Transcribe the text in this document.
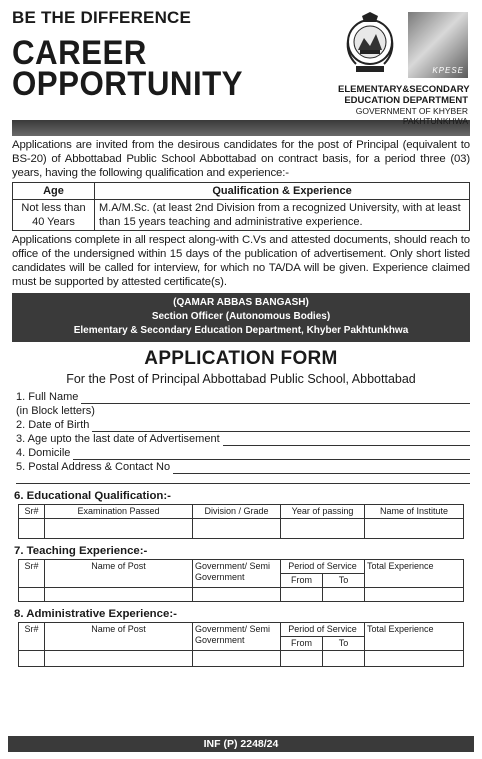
BE THE DIFFERENCE
CAREER
OPPORTUNITY	KPESE
ELEMENTARY&SECONDARY
EDUCATION DEPARTMENT
GOVERNMENT OF KHYBER
PAKHTUNKHWA

Applications are invited from the desirous candidates for the post of Principal (equivalent to BS-20) of Abbottabad Public School Abbottabad on contract basis, for a period three (03) years, having the following qualification and experience:-

Age	Qualification & Experience
Not less than 40 Years	M.A/M.Sc. (at least 2nd Division from a recognized University, with at least than 15 years teaching and administrative experience.

Applications complete in all respect along-with C.Vs and attested documents, should reach to office of the undersigned within 15 days of the publication of advertisement. Only short listed candidates will be called for interview, for which no TA/DA will be given. Experience claimed must be supported by attested certificate(s).

(QAMAR ABBAS BANGASH)
Section Officer (Autonomous Bodies)
Elementary & Secondary Education Department, Khyber Pakhtunkhwa
APPLICATION FORM
For the Post of Principal Abbottabad Public School, Abbottabad
1. Full Name
(in Block letters)
2. Date of Birth
3. Age upto the last date of Advertisement
4. Domicile
5. Postal Address & Contact No
6. Educational Qualification:-
Sr#	Examination Passed	Division / Grade	Year of passing	Name of Institute

7. Teaching Experience:-
Sr#	Name of Post	Government/ Semi Government	Period of Service		Total Experience
			From	To	

8. Administrative Experience:-
Sr#	Name of Post	Government/ Semi Government	Period of Service		Total Experience
			From	To	

INF (P) 2248/24
